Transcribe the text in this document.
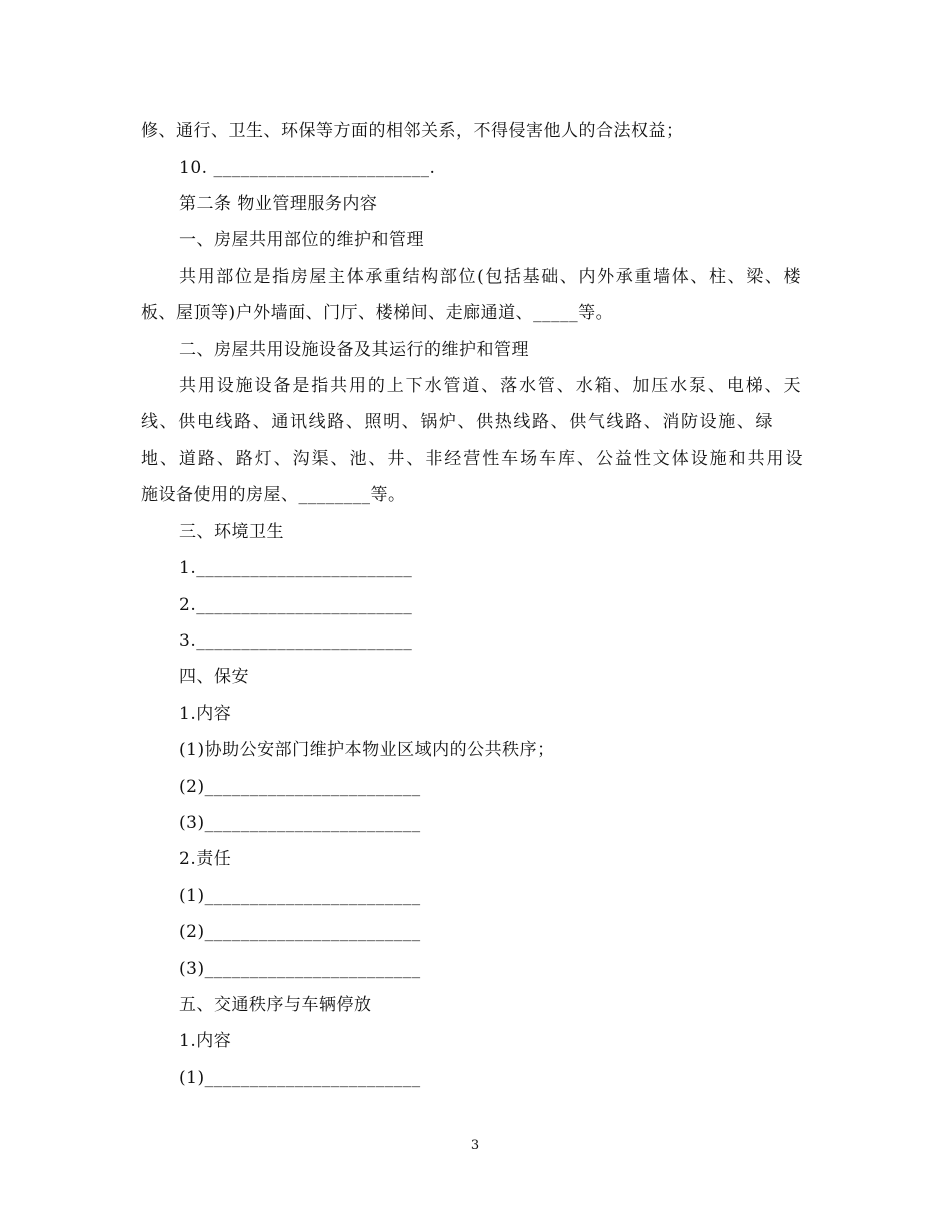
修、通行、卫生、环保等方面的相邻关系，不得侵害他人的合法权益；
10. ________________________.
第二条 物业管理服务内容
一、房屋共用部位的维护和管理
共用部位是指房屋主体承重结构部位(包括基础、内外承重墙体、柱、梁、楼
板、屋顶等)户外墙面、门厅、楼梯间、走廊通道、_____等。
二、房屋共用设施设备及其运行的维护和管理
共用设施设备是指共用的上下水管道、落水管、水箱、加压水泵、电梯、天
线、供电线路、通讯线路、照明、锅炉、供热线路、供气线路、消防设施、绿
地、道路、路灯、沟渠、池、井、非经营性车场车库、公益性文体设施和共用设
施设备使用的房屋、________等。
三、环境卫生
1.________________________
2.________________________
3.________________________
四、保安
1.内容
(1)协助公安部门维护本物业区域内的公共秩序；
(2)________________________
(3)________________________
2.责任
(1)________________________
(2)________________________
(3)________________________
五、交通秩序与车辆停放
1.内容
(1)________________________
3
